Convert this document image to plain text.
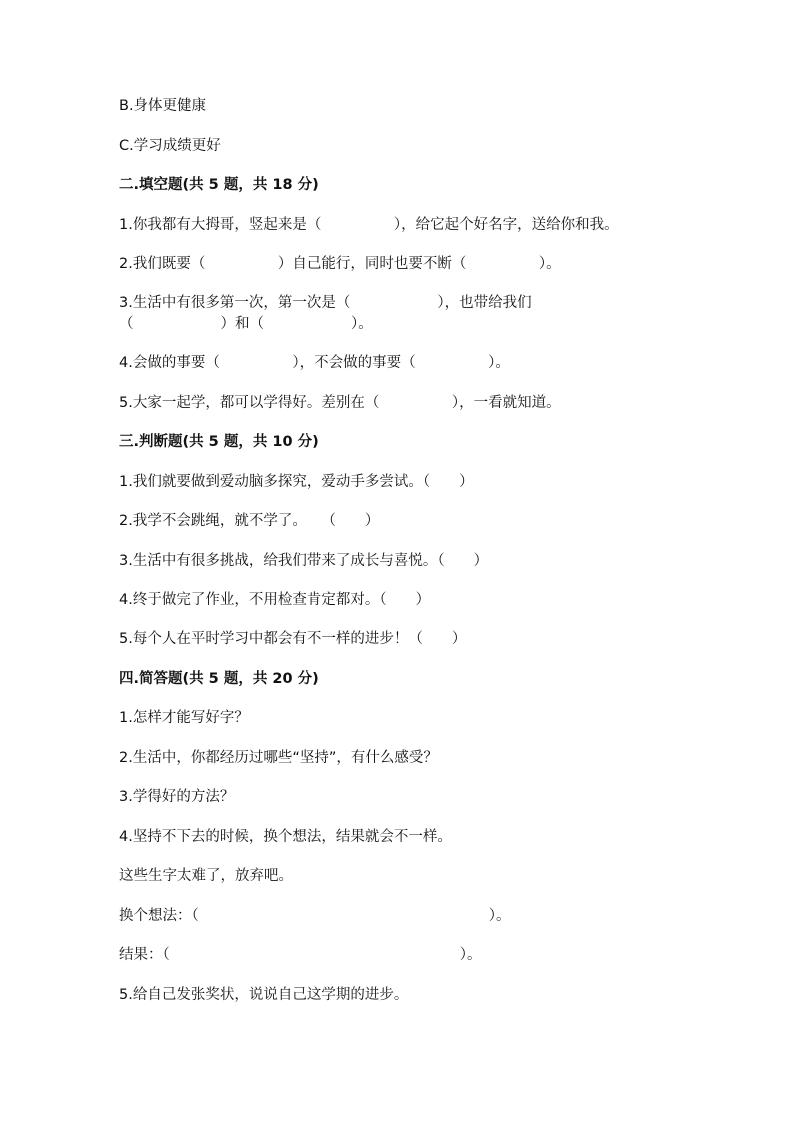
B.身体更健康

C.学习成绩更好

二.填空题(共 5 题，共 18 分)

1.你我都有大拇哥，竖起来是（　　　　　），给它起个好名字，送给你和我。

2.我们既要（　　　　　）自己能行，同时也要不断（　　　　　）。

3.生活中有很多第一次，第一次是（　　　　　　），也带给我们

（　　　　　　）和（　　　　　　）。

4.会做的事要（　　　　　），不会做的事要（　　　　　）。

5.大家一起学，都可以学得好。差别在（　　　　　），一看就知道。

三.判断题(共 5 题，共 10 分)

1.我们就要做到爱动脑多探究，爱动手多尝试。（　　）

2.我学不会跳绳，就不学了。　　（　　）

3.生活中有很多挑战，给我们带来了成长与喜悦。（　　）

4.终于做完了作业，不用检查肯定都对。（　　）

5.每个人在平时学习中都会有不一样的进步！（　　）

四.简答题(共 5 题，共 20 分)

1.怎样才能写好字？

2.生活中，你都经历过哪些“坚持”，有什么感受？

3.学得好的方法？

4.坚持不下去的时候，换个想法，结果就会不一样。

这些生字太难了，放弃吧。

换个想法：（　　　　　　　　　　　　　　　　　　　　）。

结果：（　　　　　　　　　　　　　　　　　　　　）。

5.给自己发张奖状，说说自己这学期的进步。
